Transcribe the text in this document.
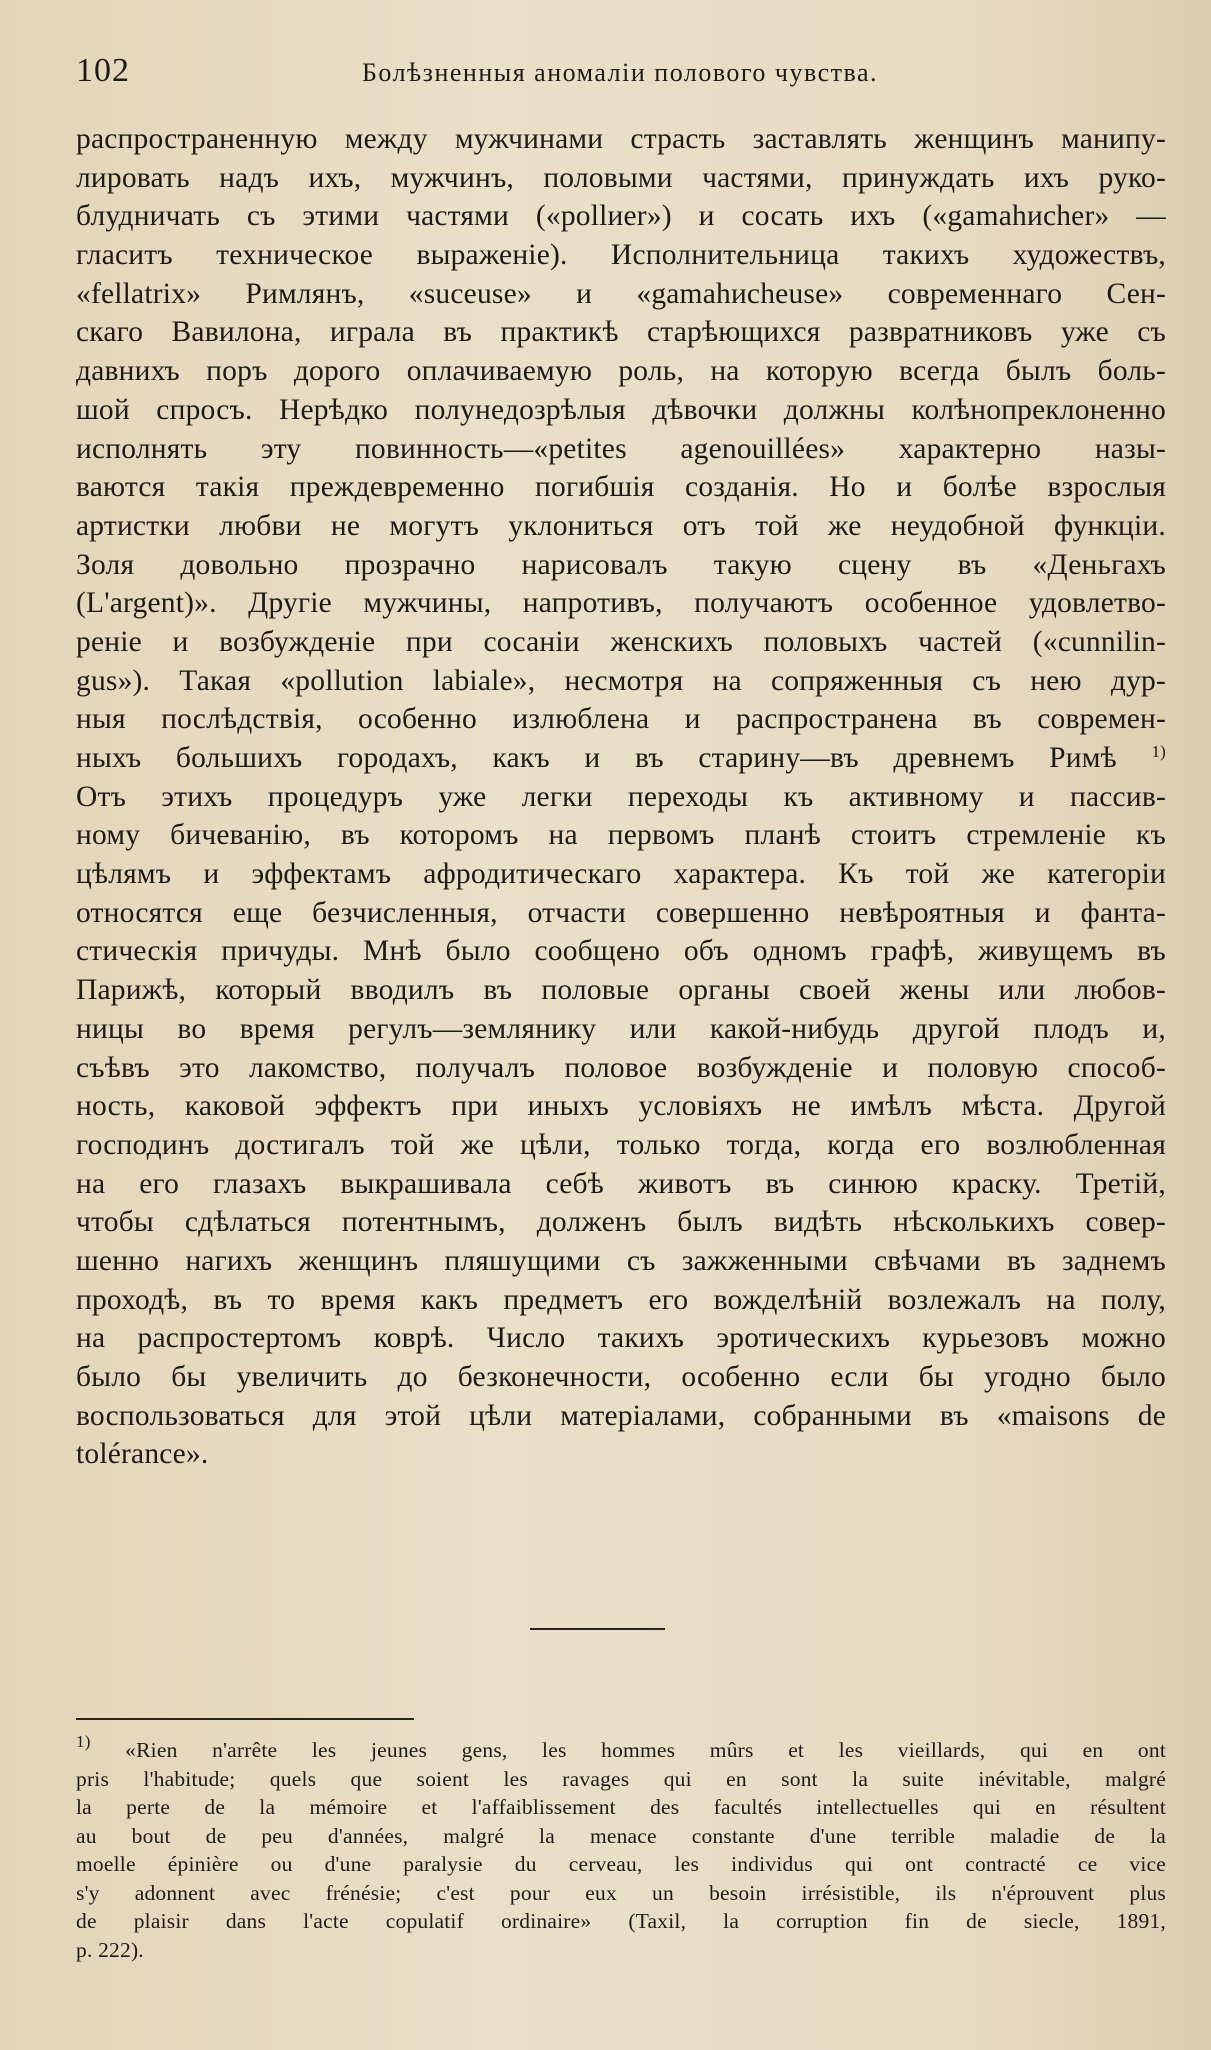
102	Болѣзненныя аномаліи полового чувства.
распространенную между мужчинами страсть заставлять женщинъ манипу-
лировать надъ ихъ, мужчинъ, половыми частями, принуждать ихъ руко-
блудничать съ этими частями («pollиer») и сосать ихъ («gamahиcher» —
гласитъ техническое выраженіе). Исполнительница такихъ художествъ,
«fellatrix» Римлянъ, «suceuse» и «gamahиcheuse» современнаго Сен-
скаго Вавилона, играла въ практикѣ старѣющихся развратниковъ уже съ
давнихъ поръ дорого оплачиваемую роль, на которую всегда былъ боль-
шой спросъ. Нерѣдко полунедозрѣлыя дѣвочки должны колѣнопреклоненно
исполнять эту повинность—«petites agenouillées» характерно назы-
ваются такія преждевременно погибшія созданія. Но и болѣе взрослыя
артистки любви не могутъ уклониться отъ той же неудобной функціи.
Золя довольно прозрачно нарисовалъ такую сцену въ «Деньгахъ
(L'argent)». Другіе мужчины, напротивъ, получаютъ особенное удовлетво-
реніе и возбужденіе при сосаніи женскихъ половыхъ частей («cunnilin-
gus»). Такая «pollution labiale», несмотря на сопряженныя съ нею дур-
ныя послѣдствія, особенно излюблена и распространена въ современ-
ныхъ большихъ городахъ, какъ и въ старину—въ древнемъ Римѣ $^{1)}$
Отъ этихъ процедуръ уже легки переходы къ активному и пассив-
ному бичеванію, въ которомъ на первомъ планѣ стоитъ стремленіе къ
цѣлямъ и эффектамъ афродитическаго характера. Къ той же категоріи
относятся еще безчисленныя, отчасти совершенно невѣроятныя и фанта-
стическія причуды. Мнѣ было сообщено объ одномъ графѣ, живущемъ въ
Парижѣ, который вводилъ въ половые органы своей жены или любов-
ницы во время регулъ—землянику или какой-нибудь другой плодъ и,
съѣвъ это лакомство, получалъ половое возбужденіе и половую способ-
ность, каковой эффектъ при иныхъ условіяхъ не имѣлъ мѣста. Другой
господинъ достигалъ той же цѣли, только тогда, когда его возлюбленная
на его глазахъ выкрашивала себѣ животъ въ синюю краску. Третій,
чтобы сдѣлаться потентнымъ, долженъ былъ видѣть нѣсколькихъ совер-
шенно нагихъ женщинъ пляшущими съ зажженными свѣчами въ заднемъ
проходѣ, въ то время какъ предметъ его вожделѣній возлежалъ на полу,
на распростертомъ коврѣ. Число такихъ эротическихъ курьезовъ можно
было бы увеличить до безконечности, особенно если бы угодно было
воспользоваться для этой цѣли матеріалами, собранными въ «maisons de
tolérance».
$^{1)}$ «Rien n'arrête les jeunes gens, les hommes mûrs et les vieillards, qui en ont
pris l'habitude; quels que soient les ravages qui en sont la suite inévitable, malgré
la perte de la mémoire et l'affaiblissement des facultés intellectuelles qui en résultent
au bout de peu d'années, malgré la menace constante d'une terrible maladie de la
moelle épinière ou d'une paralysie du cerveau, les individus qui ont contracté ce vice
s'y adonnent avec frénésie; c'est pour eux un besoin irrésistible, ils n'éprouvent plus
de plaisir dans l'acte copulatif ordinaire» (Taxil, la corruption fin de siecle, 1891,
p. 222).
